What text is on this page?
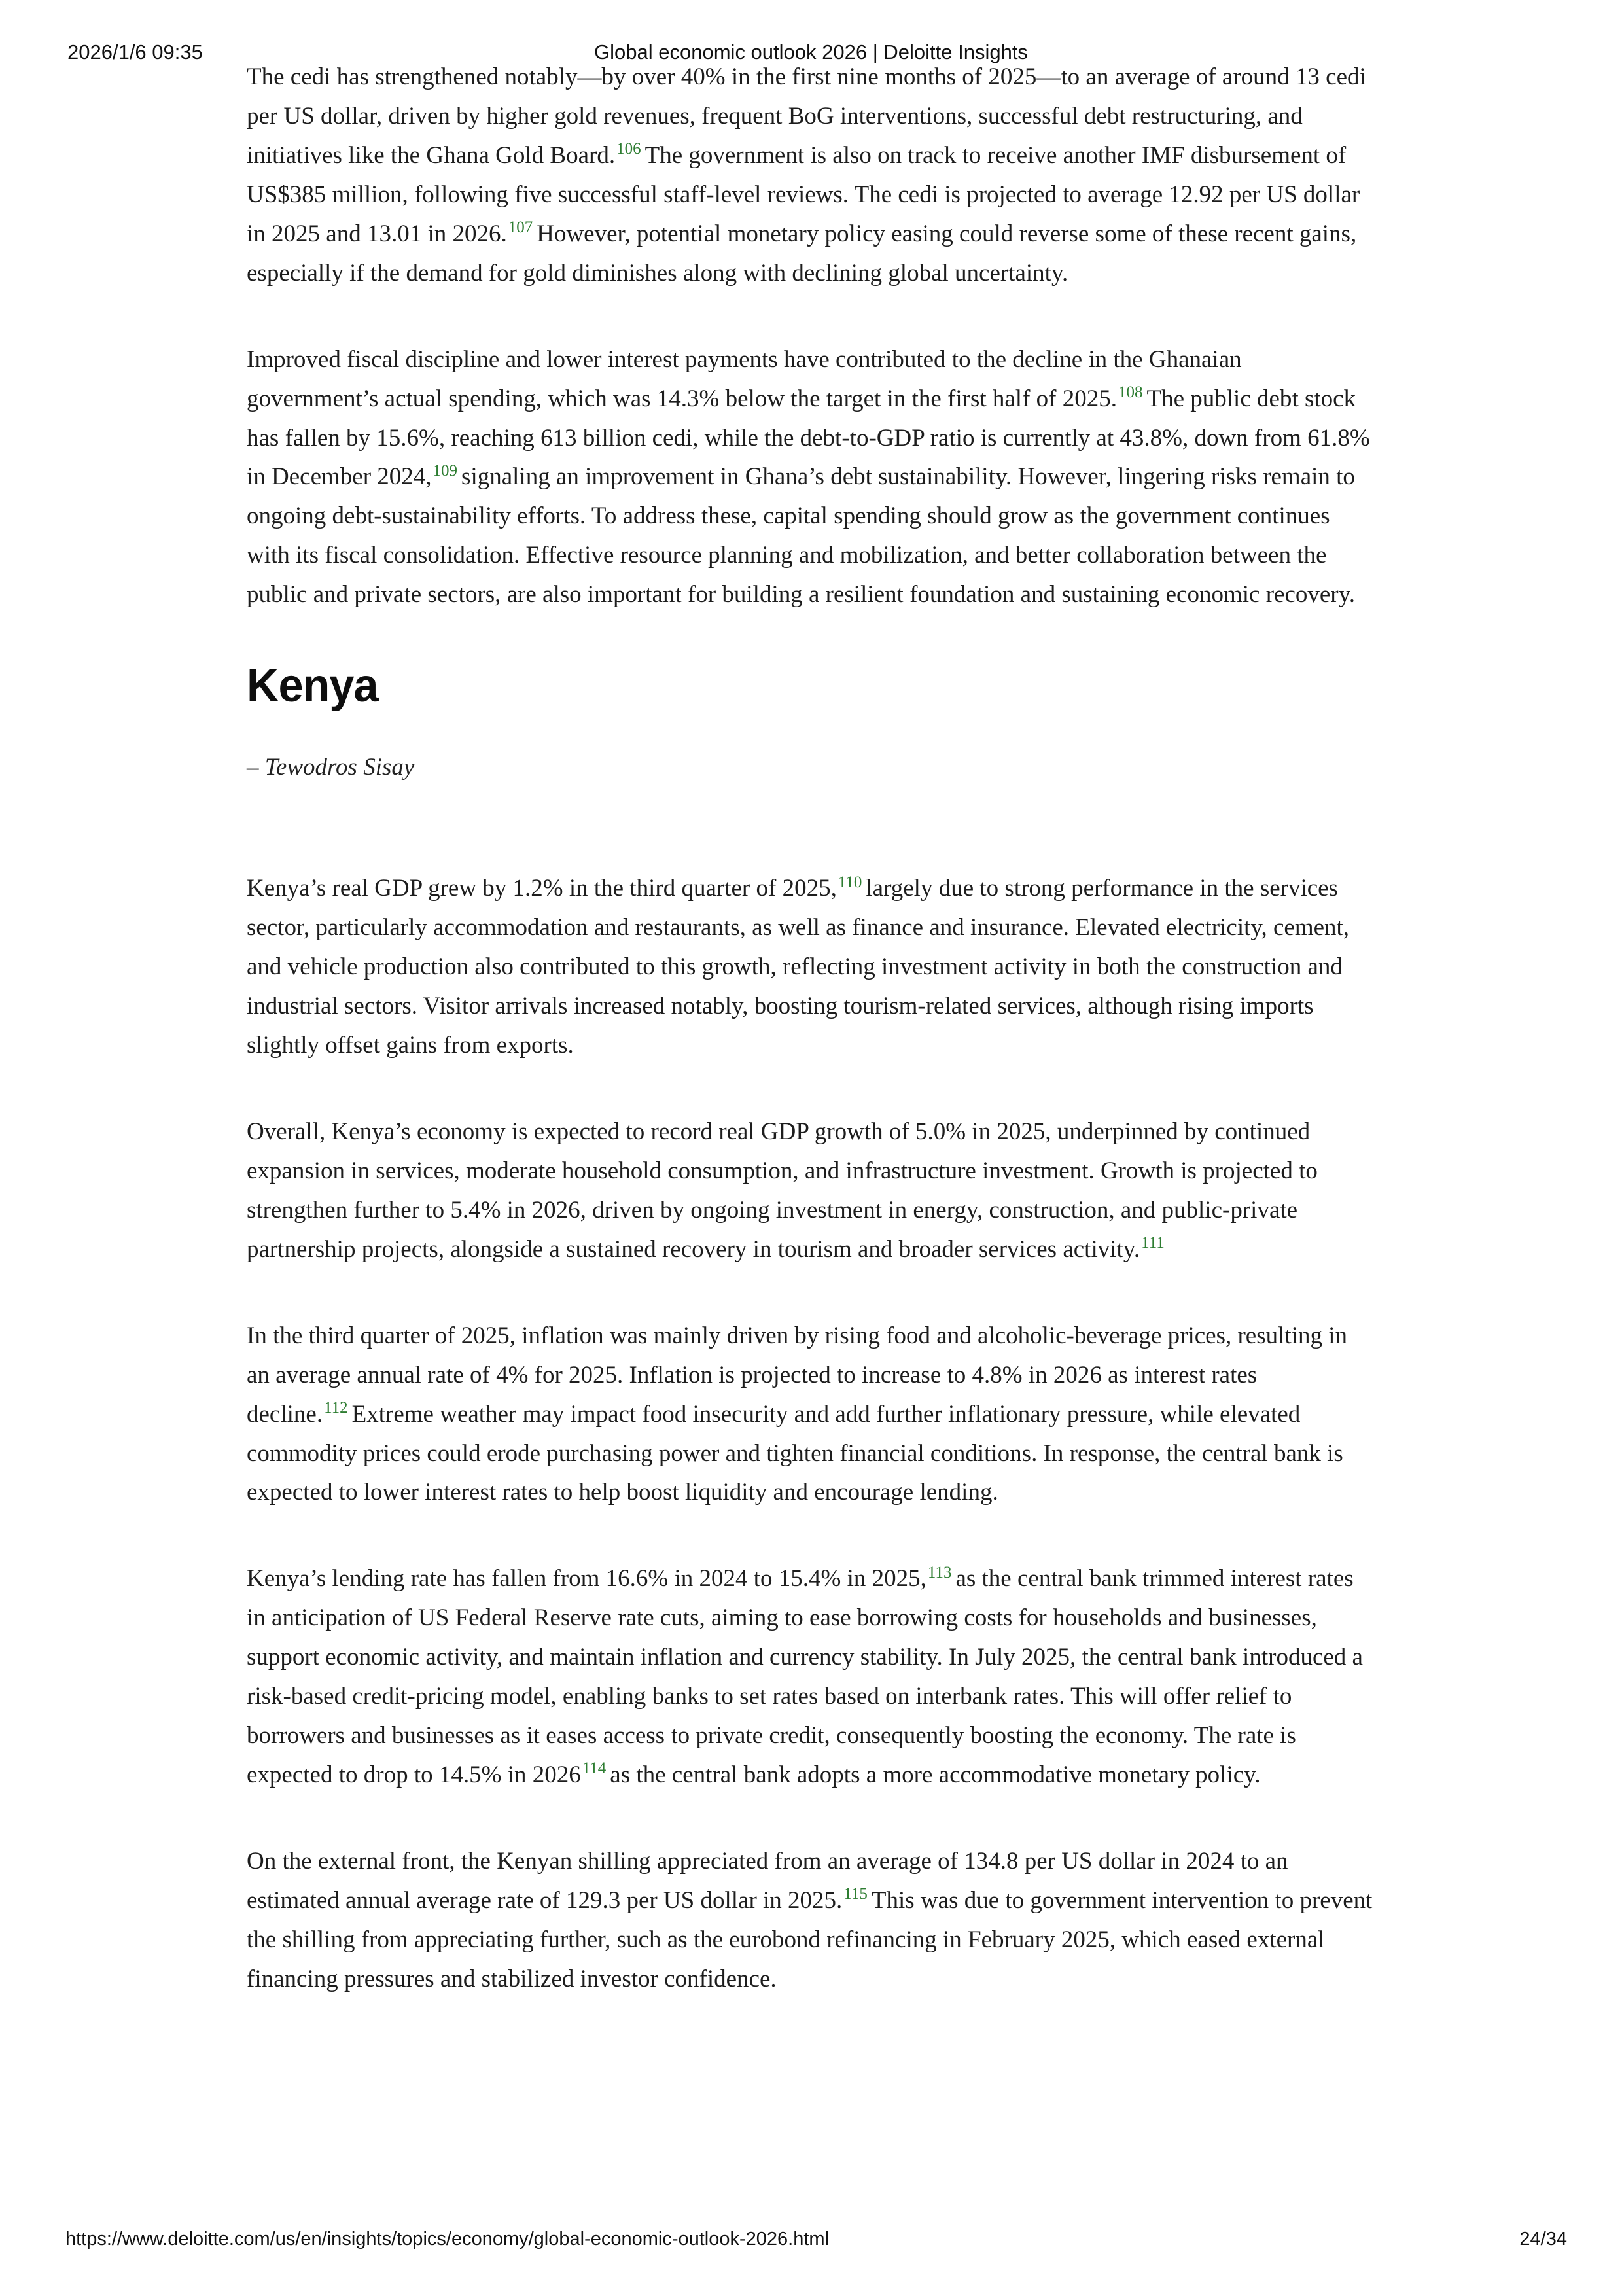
2026/1/6 09:35	Global economic outlook 2026 | Deloitte Insights

The cedi has strengthened notably—by over 40% in the first nine months of 2025—to an average of around 13 cedi per US dollar, driven by higher gold revenues, frequent BoG interventions, successful debt restructuring, and initiatives like the Ghana Gold Board.$^{106}$ The government is also on track to receive another IMF disbursement of US$385 million, following five successful staff-level reviews. The cedi is projected to average 12.92 per US dollar in 2025 and 13.01 in 2026.$^{107}$ However, potential monetary policy easing could reverse some of these recent gains, especially if the demand for gold diminishes along with declining global uncertainty.

Improved fiscal discipline and lower interest payments have contributed to the decline in the Ghanaian government’s actual spending, which was 14.3% below the target in the first half of 2025.$^{108}$ The public debt stock has fallen by 15.6%, reaching 613 billion cedi, while the debt-to-GDP ratio is currently at 43.8%, down from 61.8% in December 2024,$^{109}$ signaling an improvement in Ghana’s debt sustainability. However, lingering risks remain to ongoing debt-sustainability efforts. To address these, capital spending should grow as the government continues with its fiscal consolidation. Effective resource planning and mobilization, and better collaboration between the public and private sectors, are also important for building a resilient foundation and sustaining economic recovery.

Kenya

– Tewodros Sisay

Kenya’s real GDP grew by 1.2% in the third quarter of 2025,$^{110}$ largely due to strong performance in the services sector, particularly accommodation and restaurants, as well as finance and insurance. Elevated electricity, cement, and vehicle production also contributed to this growth, reflecting investment activity in both the construction and industrial sectors. Visitor arrivals increased notably, boosting tourism-related services, although rising imports slightly offset gains from exports.

Overall, Kenya’s economy is expected to record real GDP growth of 5.0% in 2025, underpinned by continued expansion in services, moderate household consumption, and infrastructure investment. Growth is projected to strengthen further to 5.4% in 2026, driven by ongoing investment in energy, construction, and public-private partnership projects, alongside a sustained recovery in tourism and broader services activity.$^{111}$

In the third quarter of 2025, inflation was mainly driven by rising food and alcoholic-beverage prices, resulting in an average annual rate of 4% for 2025. Inflation is projected to increase to 4.8% in 2026 as interest rates decline.$^{112}$ Extreme weather may impact food insecurity and add further inflationary pressure, while elevated commodity prices could erode purchasing power and tighten financial conditions. In response, the central bank is expected to lower interest rates to help boost liquidity and encourage lending.

Kenya’s lending rate has fallen from 16.6% in 2024 to 15.4% in 2025,$^{113}$ as the central bank trimmed interest rates in anticipation of US Federal Reserve rate cuts, aiming to ease borrowing costs for households and businesses, support economic activity, and maintain inflation and currency stability. In July 2025, the central bank introduced a risk-based credit-pricing model, enabling banks to set rates based on interbank rates. This will offer relief to borrowers and businesses as it eases access to private credit, consequently boosting the economy. The rate is expected to drop to 14.5% in 2026$^{114}$ as the central bank adopts a more accommodative monetary policy.

On the external front, the Kenyan shilling appreciated from an average of 134.8 per US dollar in 2024 to an estimated annual average rate of 129.3 per US dollar in 2025.$^{115}$ This was due to government intervention to prevent the shilling from appreciating further, such as the eurobond refinancing in February 2025, which eased external financing pressures and stabilized investor confidence.

https://www.deloitte.com/us/en/insights/topics/economy/global-economic-outlook-2026.html	24/34
